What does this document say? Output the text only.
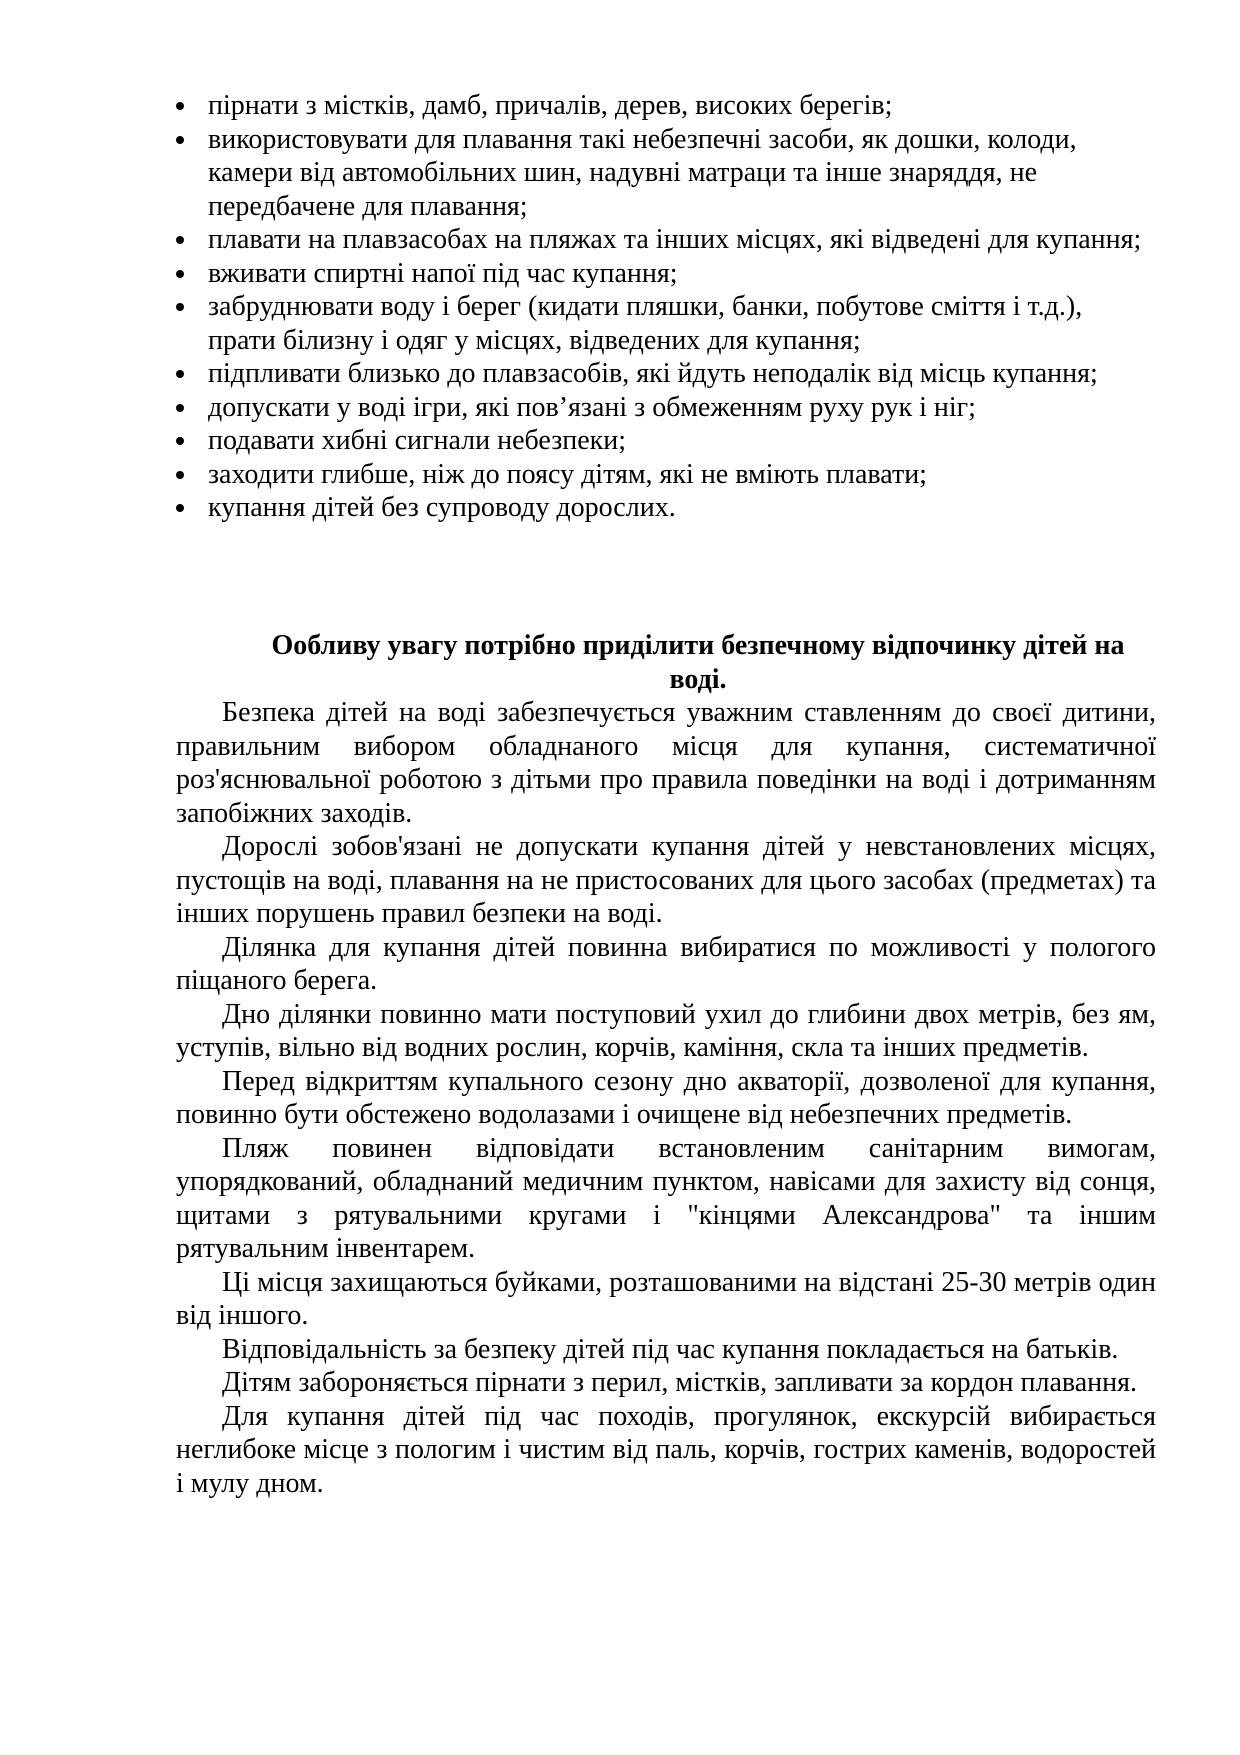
пірнати з містків, дамб, причалів, дерев, високих берегів;
використовувати для плавання такі небезпечні засоби, як дошки, колоди, камери від автомобільних шин, надувні матраци та інше знаряддя, не передбачене для плавання;
плавати на плавзасобах на пляжах та інших місцях, які відведені для купання;
вживати спиртні напої під час купання;
забруднювати воду і берег (кидати пляшки, банки, побутове сміття і т.д.), прати білизну і одяг у місцях, відведених для купання;
підпливати близько до плавзасобів, які йдуть неподалік від місць купання;
допускати у воді ігри, які пов’язані з обмеженням руху рук і ніг;
подавати хибні сигнали небезпеки;
заходити глибше, ніж до поясу дітям, які не вміють плавати;
купання дітей без супроводу дорослих.
Ообливу увагу потрібно приділити безпечному відпочинку дітей на воді.

Безпека дітей на воді забезпечується уважним ставленням до своєї дитини, правильним вибором обладнаного місця для купання, систематичної роз'яснювальної роботою з дітьми про правила поведінки на воді і дотриманням запобіжних заходів.

Дорослі зобов'язані не допускати купання дітей у невстановлених місцях, пустощів на воді, плавання на не пристосованих для цього засобах (предметах) та інших порушень правил безпеки на воді.

Ділянка для купання дітей повинна вибиратися по можливості у пологого піщаного берега.

Дно ділянки повинно мати поступовий ухил до глибини двох метрів, без ям, уступів, вільно від водних рослин, корчів, каміння, скла та інших предметів.

Перед відкриттям купального сезону дно акваторії, дозволеної для купання, повинно бути обстежено водолазами і очищене від небезпечних предметів.

Пляж повинен відповідати встановленим санітарним вимогам, упорядкований, обладнаний медичним пунктом, навісами для захисту від сонця, щитами з рятувальними кругами і "кінцями Александрова" та іншим рятувальним інвентарем.

Ці місця захищаються буйками, розташованими на відстані 25-30 метрів один від іншого.

Відповідальність за безпеку дітей під час купання покладається на батьків.

Дітям забороняється пірнати з перил, містків, запливати за кордон плавання.

Для купання дітей під час походів, прогулянок, екскурсій вибирається неглибоке місце з пологим і чистим від паль, корчів, гострих каменів, водоростей і мулу дном.
